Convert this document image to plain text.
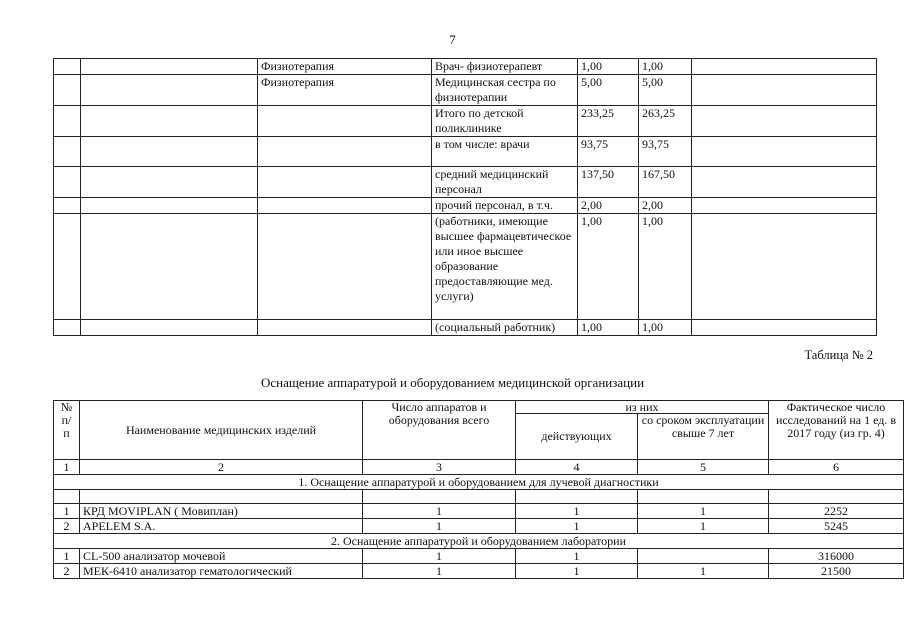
7
		Физиотерапия	Врач- физиотерапевт	1,00	1,00	
		Физиотерапия	Медицинская сестра по физиотерапии	5,00	5,00	
			Итого по детской поликлинике	233,25	263,25	
			в том числе: врачи	93,75	93,75	
			средний медицинский персонал	137,50	167,50	
			прочий персонал, в т.ч.	2,00	2,00	
			(работники, имеющие высшее фармацевтическое или иное высшее образование предоставляющие мед. услуги)	1,00	1,00	
			(социальный работник)	1,00	1,00	
Таблица № 2
Оснащение аппаратурой и оборудованием медицинской организации
№ п/ п	Наименование медицинских изделий	Число аппаратов и оборудования всего	из них		Фактическое число исследований на 1 ед. в 2017 году (из гр. 4)
			действующих	со сроком эксплуатации свыше 7 лет	
1	2	3	4	5	6
1. Оснащение аппаратурой и оборудованием для лучевой диагностики					

1	КРД MOVIPLAN ( Мовиплан)	1	1	1	2252
2	APELEM S.A.	1	1	1	5245
2. Оснащение аппаратурой и оборудованием лаборатории					
1	CL-500 анализатор мочевой	1	1		316000
2	МЕК-6410 анализатор гематологический	1	1	1	21500
